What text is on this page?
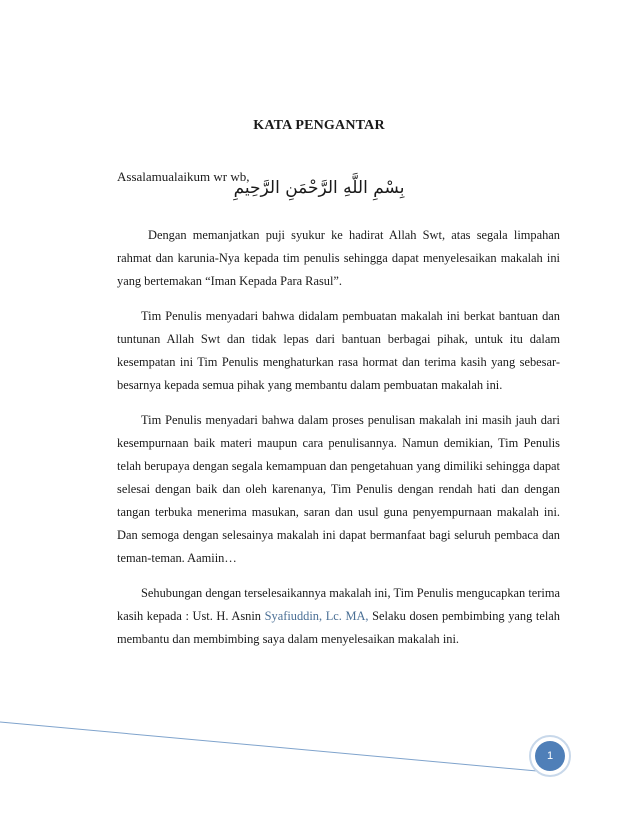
KATA PENGANTAR
Assalamualaikum wr wb,
بِسْمِ اللَّهِ الرَّحْمَنِ الرَّحِيمِ

Dengan memanjatkan puji syukur ke hadirat Allah Swt, atas segala limpahan rahmat dan karunia-Nya kepada tim penulis sehingga dapat menyelesaikan makalah ini yang bertemakan “Iman Kepada Para Rasul”.

Tim Penulis menyadari bahwa didalam pembuatan makalah ini berkat bantuan dan tuntunan Allah Swt dan tidak lepas dari bantuan berbagai pihak, untuk itu dalam kesempatan ini Tim Penulis menghaturkan rasa hormat dan terima kasih yang sebesar-besarnya kepada semua pihak yang membantu dalam pembuatan makalah ini.

Tim Penulis menyadari bahwa dalam proses penulisan makalah ini masih jauh dari kesempurnaan baik materi maupun cara penulisannya. Namun demikian, Tim Penulis telah berupaya dengan segala kemampuan dan pengetahuan yang dimiliki sehingga dapat selesai dengan baik dan oleh karenanya, Tim Penulis dengan rendah hati dan dengan tangan terbuka menerima masukan, saran dan usul guna penyempurnaan makalah ini. Dan semoga dengan selesainya makalah ini dapat bermanfaat bagi seluruh pembaca dan teman-teman. Aamiin…

Sehubungan dengan terselesaikannya makalah ini, Tim Penulis mengucapkan terima kasih kepada : Ust. H. Asnin Syafiuddin, Lc. MA, Selaku dosen pembimbing yang telah membantu dan membimbing saya dalam menyelesaikan makalah ini.

1
